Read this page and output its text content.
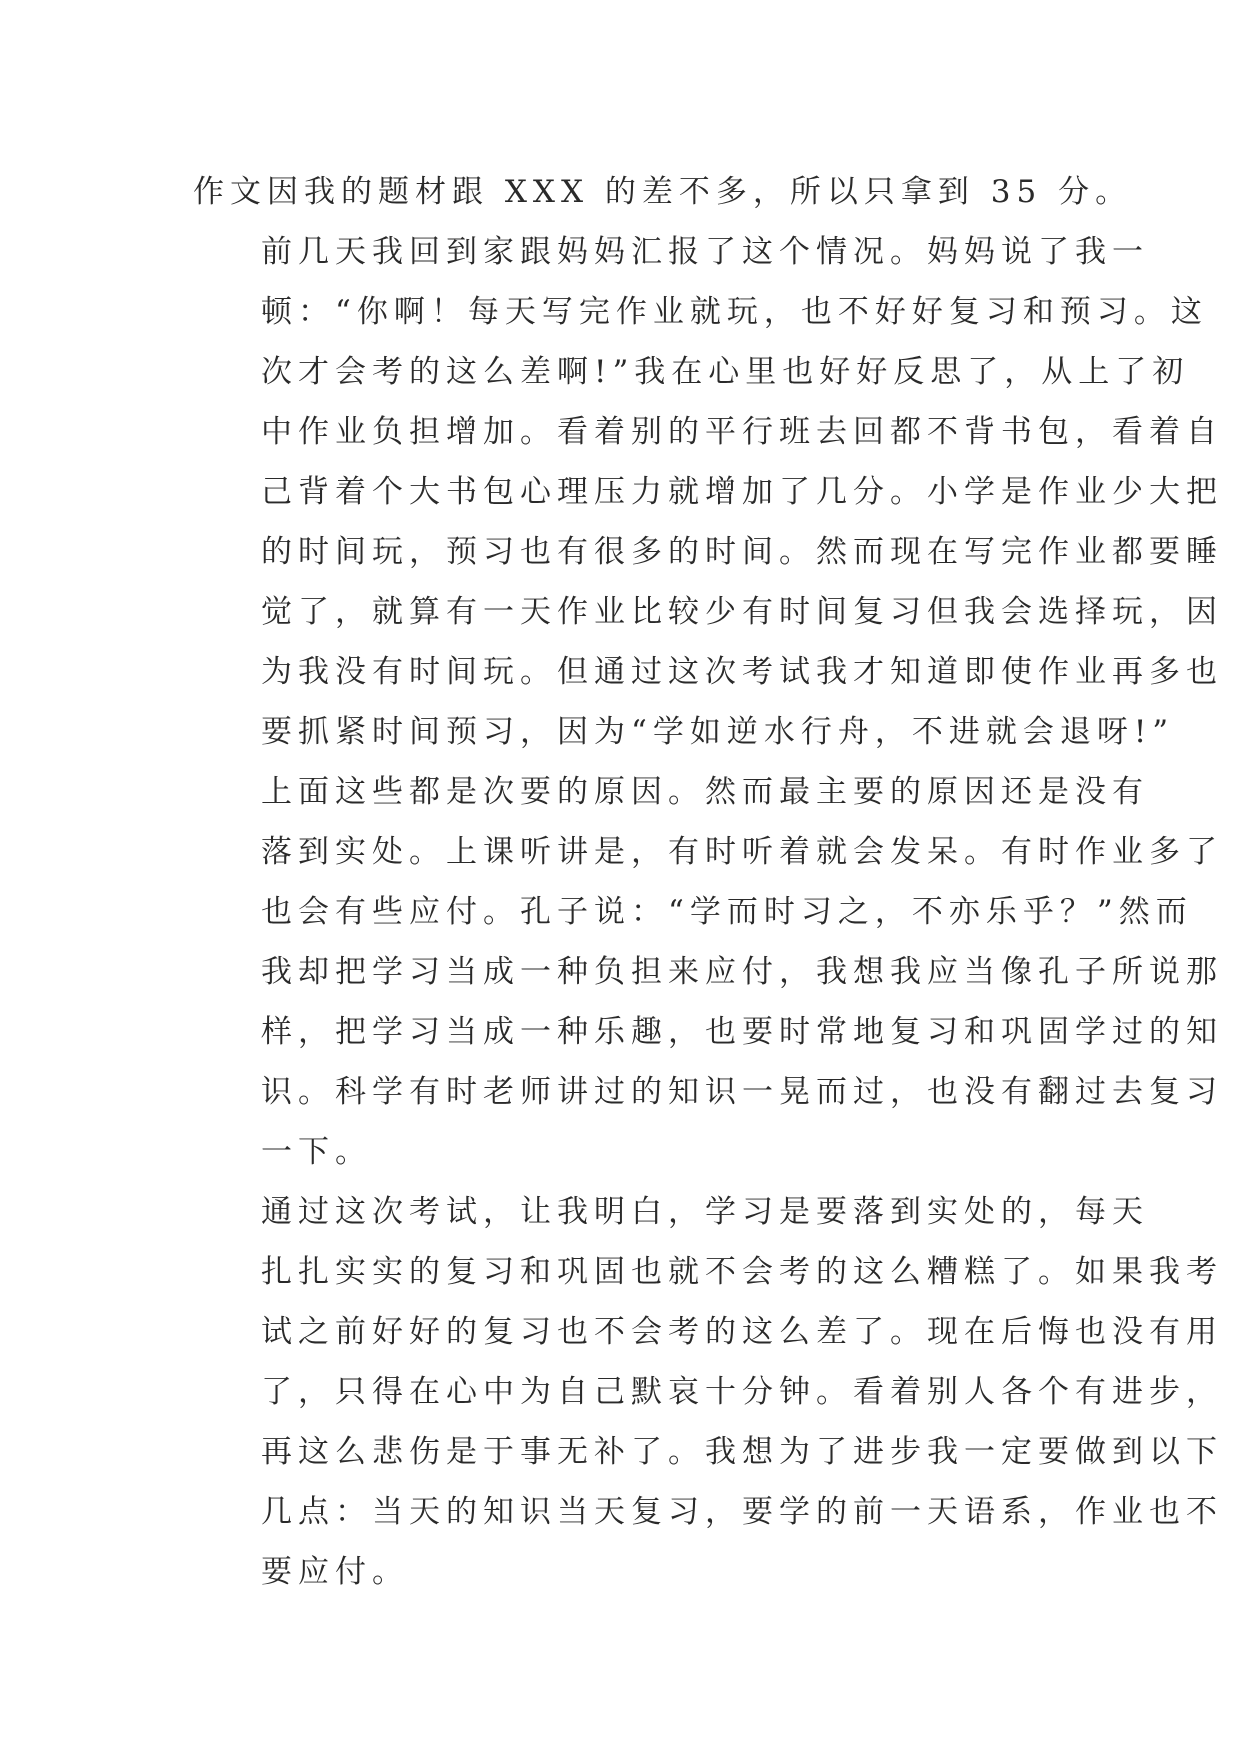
作文因我的题材跟 XXX 的差不多，所以只拿到 35 分。

前几天我回到家跟妈妈汇报了这个情况。妈妈说了我一
顿：“你啊！每天写完作业就玩，也不好好复习和预习。这
次才会考的这么差啊!”我在心里也好好反思了，从上了初
中作业负担增加。看着别的平行班去回都不背书包，看着自
己背着个大书包心理压力就增加了几分。小学是作业少大把
的时间玩，预习也有很多的时间。然而现在写完作业都要睡
觉了，就算有一天作业比较少有时间复习但我会选择玩，因
为我没有时间玩。但通过这次考试我才知道即使作业再多也
要抓紧时间预习，因为“学如逆水行舟，不进就会退呀!”

上面这些都是次要的原因。然而最主要的原因还是没有
落到实处。上课听讲是，有时听着就会发呆。有时作业多了
也会有些应付。孔子说：“学而时习之，不亦乐乎？”然而
我却把学习当成一种负担来应付，我想我应当像孔子所说那
样，把学习当成一种乐趣，也要时常地复习和巩固学过的知
识。科学有时老师讲过的知识一晃而过，也没有翻过去复习
一下。

通过这次考试，让我明白，学习是要落到实处的，每天
扎扎实实的复习和巩固也就不会考的这么糟糕了。如果我考
试之前好好的复习也不会考的这么差了。现在后悔也没有用
了，只得在心中为自己默哀十分钟。看着别人各个有进步，
再这么悲伤是于事无补了。我想为了进步我一定要做到以下
几点：当天的知识当天复习，要学的前一天语系，作业也不
要应付。
